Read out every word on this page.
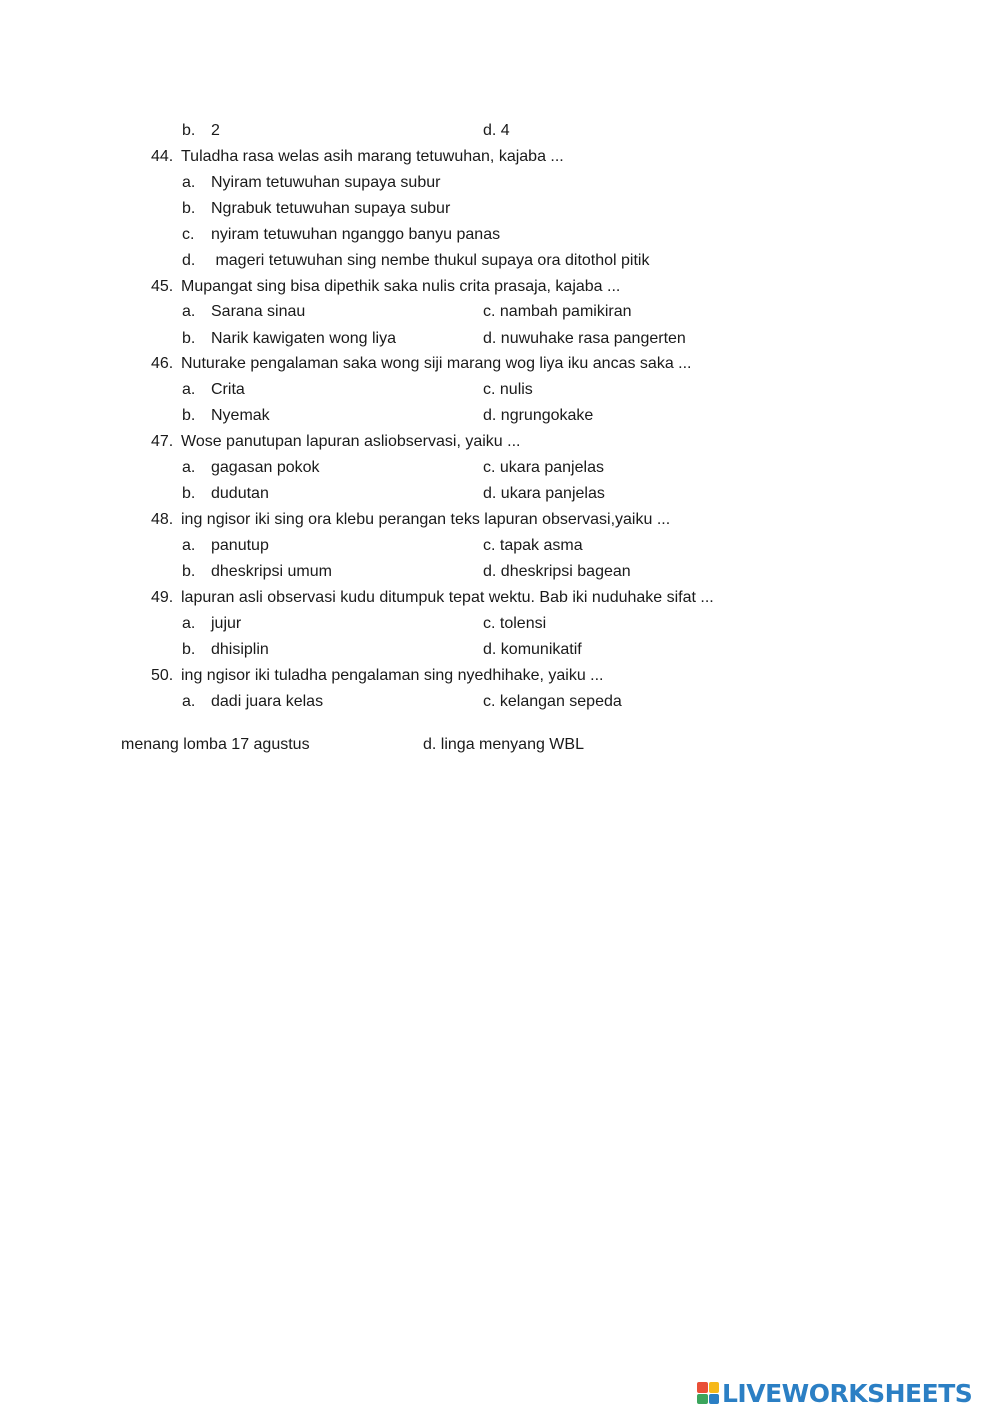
b. 2	d. 4
44. Tuladha rasa welas asih marang tetuwuhan, kajaba ...
a. Nyiram tetuwuhan supaya subur
b. Ngrabuk tetuwuhan supaya subur
c. nyiram tetuwuhan nganggo banyu panas
d. mageri tetuwuhan sing nembe thukul supaya ora ditothol pitik
45. Mupangat sing bisa dipethik saka nulis crita prasaja, kajaba ...
a. Sarana sinau	c. nambah pamikiran
b. Narik kawigaten wong liya	d. nuwuhake rasa pangerten
46. Nuturake pengalaman saka wong siji marang wog liya iku ancas saka ...
a. Crita	c. nulis
b. Nyemak	d. ngrungokake
47. Wose panutupan lapuran asliobservasi, yaiku ...
a. gagasan pokok	c. ukara panjelas
b. dudutan	d. ukara panjelas
48. ing ngisor iki sing ora klebu perangan teks lapuran observasi,yaiku ...
a. panutup	c. tapak asma
b. dheskripsi umum	d. dheskripsi bagean
49. lapuran asli observasi kudu ditumpuk tepat wektu. Bab iki nuduhake sifat ...
a. jujur	c. tolensi
b. dhisiplin	d. komunikatif
50. ing ngisor iki tuladha pengalaman sing nyedhihake, yaiku ...
a. dadi juara kelas	c. kelangan sepeda
menang lomba 17 agustus	d. linga menyang WBL
LIVEWORKSHEETS
